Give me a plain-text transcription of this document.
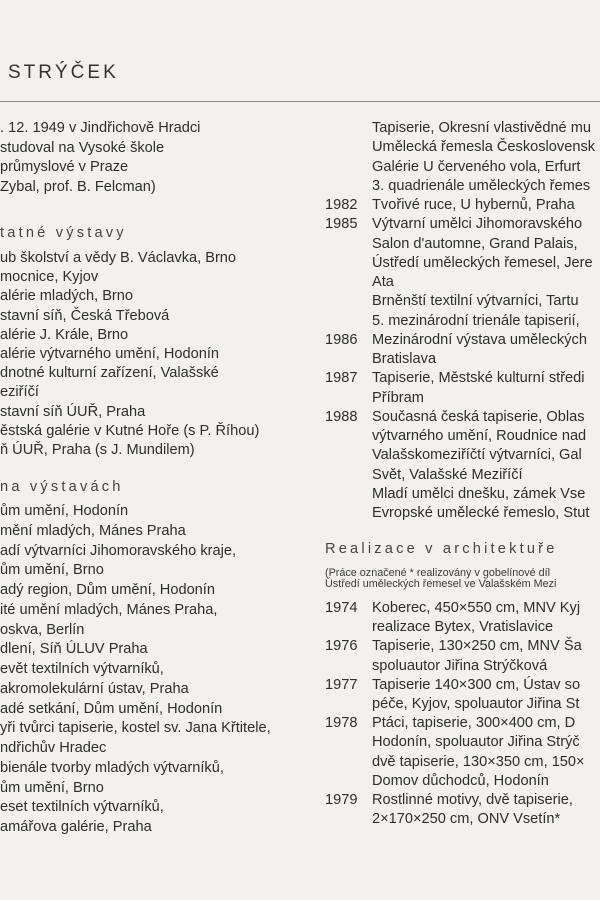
STRÝČEK
tatné výstavy
na výstavách
Realizace v architektuře
. 12. 1949 v Jindřichově Hradci
studoval na Vysoké škole
průmyslové v Praze
Zybal, prof. B. Felcman)
ub školství a vědy B. Václavka, Brno
mocnice, Kyjov
alérie mladých, Brno
stavní síň, Česká Třebová
alérie J. Krále, Brno
alérie výtvarného umění, Hodonín
dnotné kulturní zařízení, Valašské
eziříčí
stavní síň ÚUŘ, Praha
ěstská galérie v Kutné Hoře (s P. Říhou)
ň ÚUŘ, Praha (s J. Mundilem)
ům umění, Hodonín
mění mladých, Mánes Praha
adí výtvarníci Jihomoravského kraje,
ům umění, Brno
adý region, Dům umění, Hodonín
ité umění mladých, Mánes Praha,
oskva, Berlín
dlení, Síň ÚLUV Praha
evět textilních výtvarníků,
akromolekulární ústav, Praha
adé setkání, Dům umění, Hodonín
yři tvůrci tapiserie, kostel sv. Jana Křtitele,
ndřichův Hradec
bienále tvorby mladých výtvarníků,
ům umění, Brno
eset textilních výtvarníků,
amářova galérie, Praha
Tapiserie, Okresní vlastivědné mu
Umělecká řemesla Československ
Galérie U červeného vola, Erfurt
3. quadrienále uměleckých řemes
1982 Tvořivé ruce, U hybernů, Praha
1985 Výtvarní umělci Jihomoravského
Salon d'automne, Grand Palais,
Ústředí uměleckých řemesel, Jere
Ata
Brněnští textilní výtvarníci, Tartu
5. mezinárodní trienále tapiserií,
1986 Mezinárodní výstava uměleckých
Bratislava
1987 Tapiserie, Městské kulturní středi
Příbram
1988 Současná česká tapiserie, Oblas
výtvarného umění, Roudnice nad
Valašskomeziříčtí výtvarníci, Gal
Svět, Valašské Meziříčí
Mladí umělci dnešku, zámek Vse
Evropské umělecké řemeslo, Stut
(Práce označené * realizovány v gobelínové díl
Ústředí uměleckých řemesel ve Valašském Mezi
1974 Koberec, 450×550 cm, MNV Kyj
realizace Bytex, Vratislavice
1976 Tapiserie, 130×250 cm, MNV Ša
spoluautor Jiřina Strýčková
1977 Tapiserie 140×300 cm, Ústav so
péče, Kyjov, spoluautor Jiřina St
1978 Ptáci, tapiserie, 300×400 cm, D
Hodonín, spoluautor Jiřina Strýč
dvě tapiserie, 130×350 cm, 150×
Domov důchodců, Hodonín
1979 Rostlinné motivy, dvě tapiserie,
2×170×250 cm, ONV Vsetín*
